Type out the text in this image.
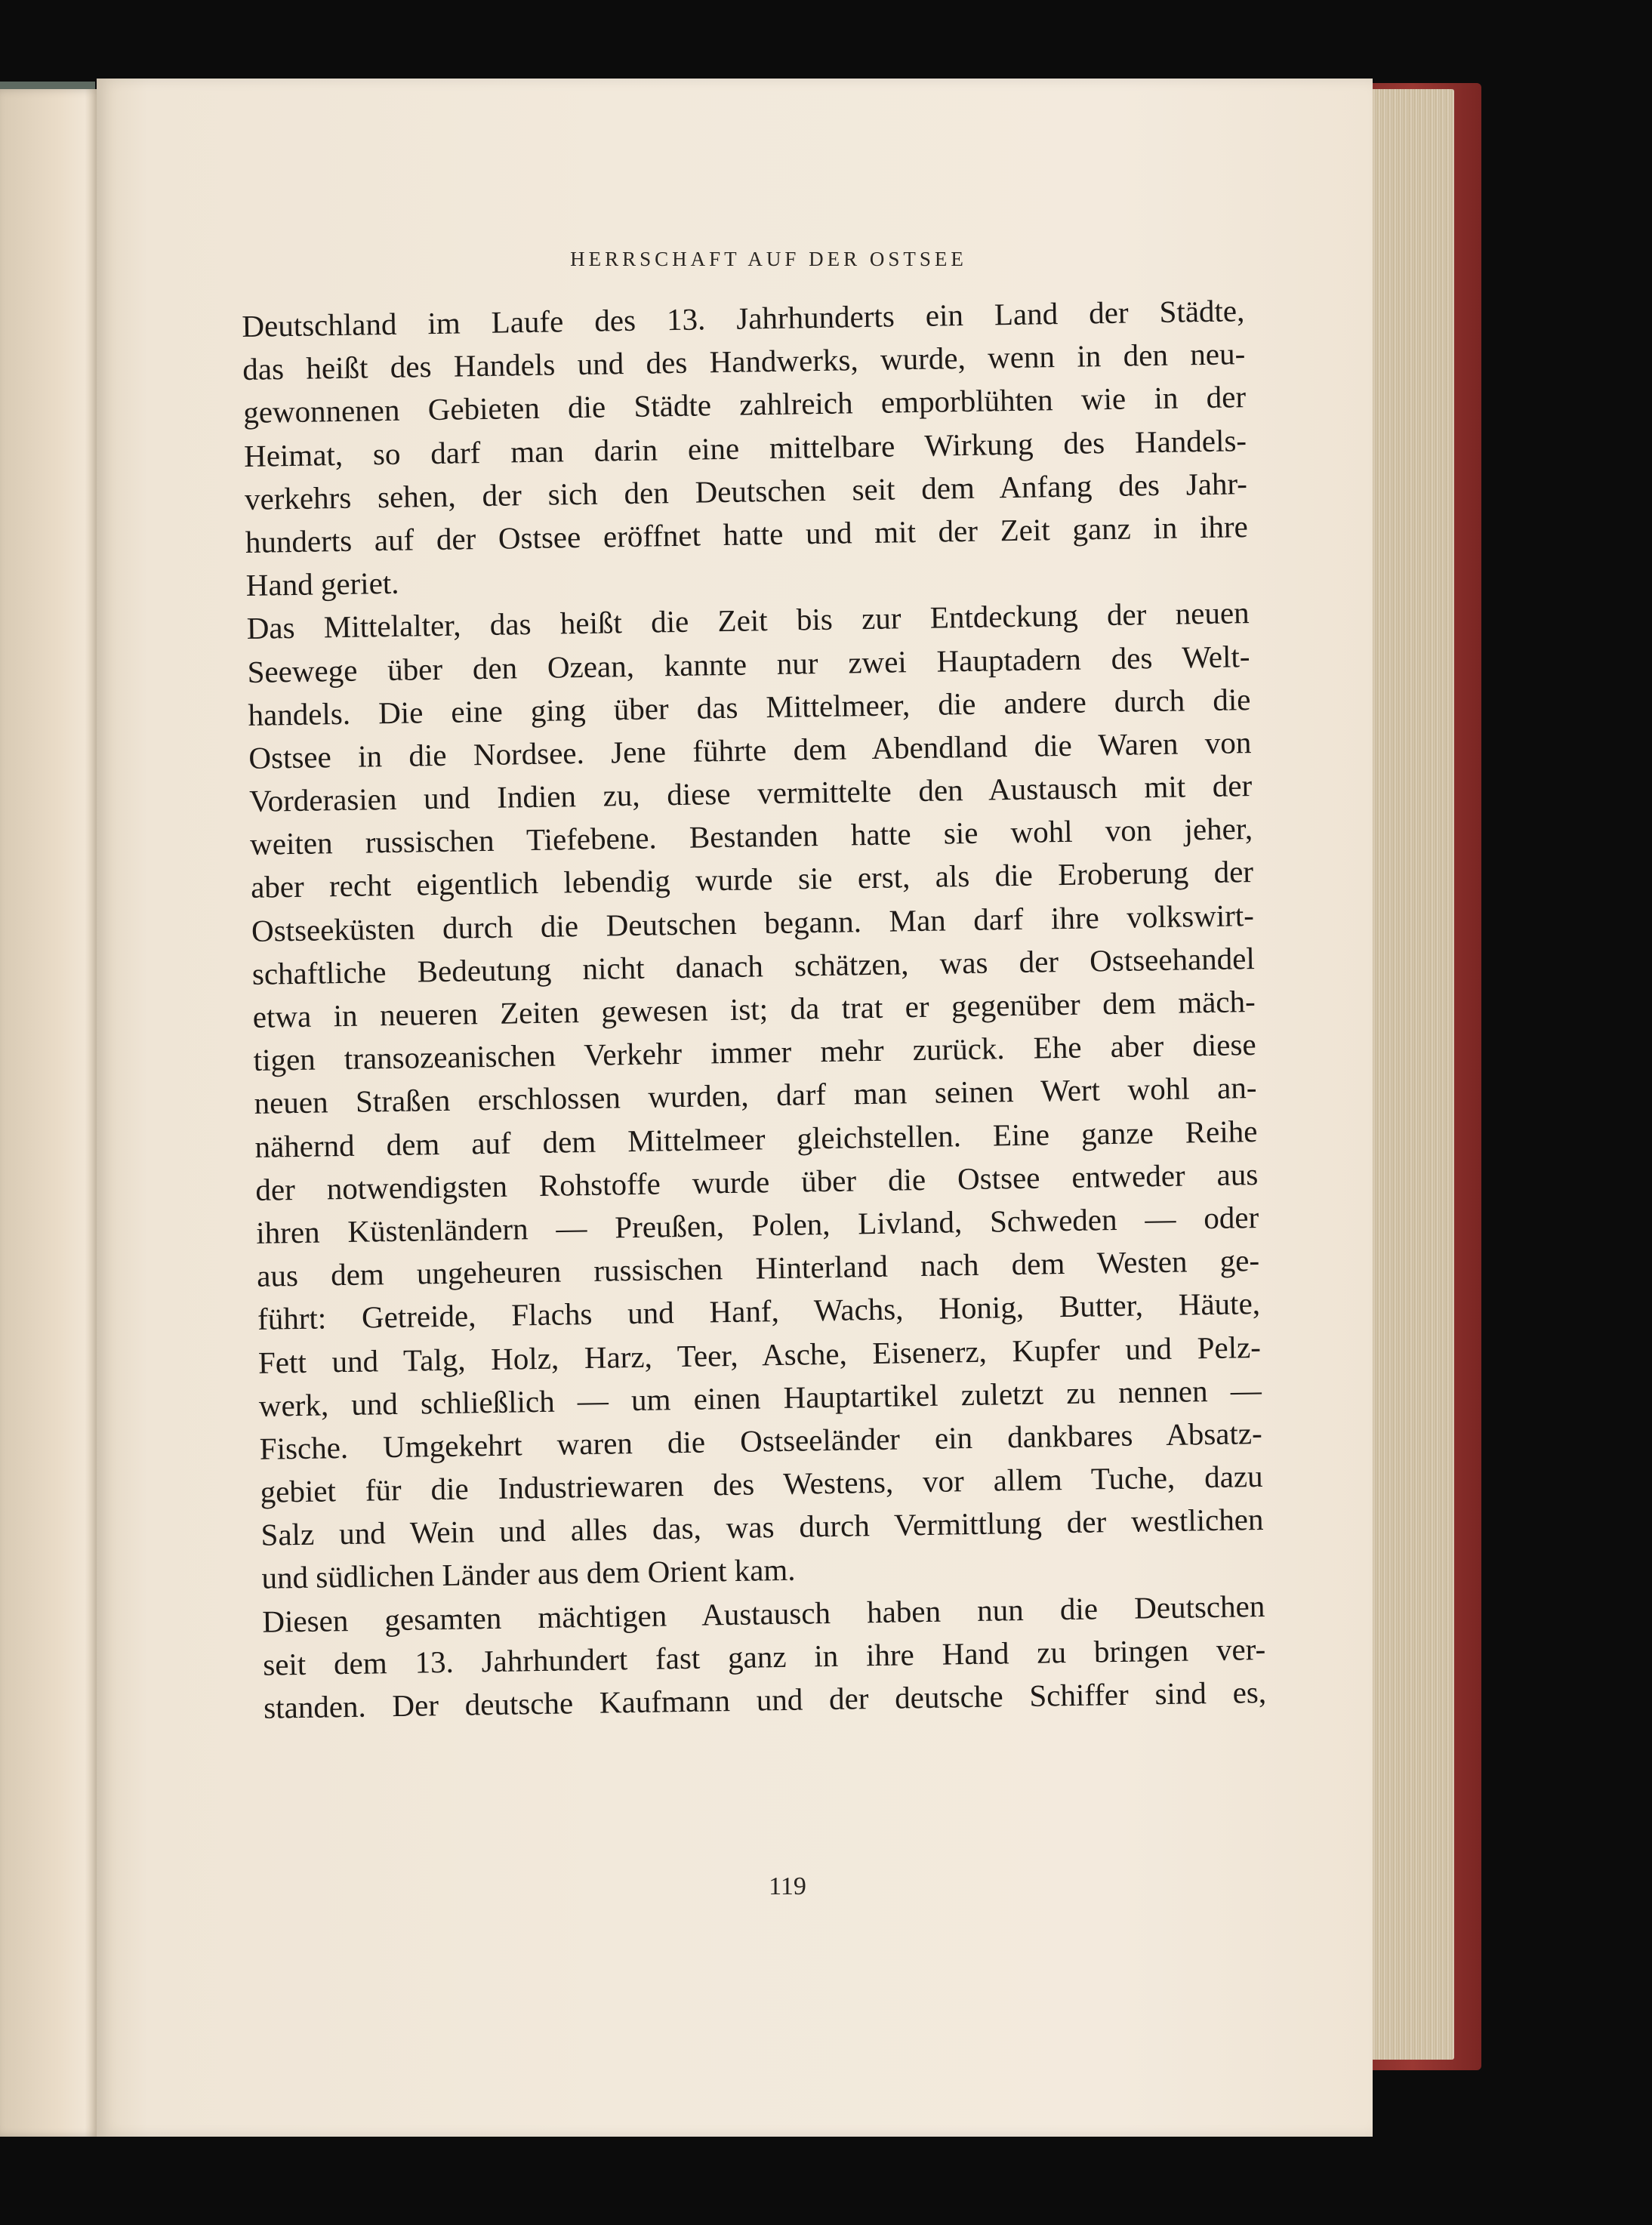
HERRSCHAFT AUF DER OSTSEE
Deutschland im Laufe des 13. Jahrhunderts ein Land der Städte,
das heißt des Handels und des Handwerks, wurde, wenn in den neu-
gewonnenen Gebieten die Städte zahlreich emporblühten wie in der
Heimat, so darf man darin eine mittelbare Wirkung des Handels-
verkehrs sehen, der sich den Deutschen seit dem Anfang des Jahr-
hunderts auf der Ostsee eröffnet hatte und mit der Zeit ganz in ihre
Hand geriet.
Das Mittelalter, das heißt die Zeit bis zur Entdeckung der neuen
Seewege über den Ozean, kannte nur zwei Hauptadern des Welt-
handels. Die eine ging über das Mittelmeer, die andere durch die
Ostsee in die Nordsee. Jene führte dem Abendland die Waren von
Vorderasien und Indien zu, diese vermittelte den Austausch mit der
weiten russischen Tiefebene. Bestanden hatte sie wohl von jeher,
aber recht eigentlich lebendig wurde sie erst, als die Eroberung der
Ostseeküsten durch die Deutschen begann. Man darf ihre volkswirt-
schaftliche Bedeutung nicht danach schätzen, was der Ostseehandel
etwa in neueren Zeiten gewesen ist; da trat er gegenüber dem mäch-
tigen transozeanischen Verkehr immer mehr zurück. Ehe aber diese
neuen Straßen erschlossen wurden, darf man seinen Wert wohl an-
nähernd dem auf dem Mittelmeer gleichstellen. Eine ganze Reihe
der notwendigsten Rohstoffe wurde über die Ostsee entweder aus
ihren Küstenländern — Preußen, Polen, Livland, Schweden — oder
aus dem ungeheuren russischen Hinterland nach dem Westen ge-
führt: Getreide, Flachs und Hanf, Wachs, Honig, Butter, Häute,
Fett und Talg, Holz, Harz, Teer, Asche, Eisenerz, Kupfer und Pelz-
werk, und schließlich — um einen Hauptartikel zuletzt zu nennen —
Fische. Umgekehrt waren die Ostseeländer ein dankbares Absatz-
gebiet für die Industriewaren des Westens, vor allem Tuche, dazu
Salz und Wein und alles das, was durch Vermittlung der westlichen
und südlichen Länder aus dem Orient kam.
Diesen gesamten mächtigen Austausch haben nun die Deutschen
seit dem 13. Jahrhundert fast ganz in ihre Hand zu bringen ver-
standen. Der deutsche Kaufmann und der deutsche Schiffer sind es,
119
